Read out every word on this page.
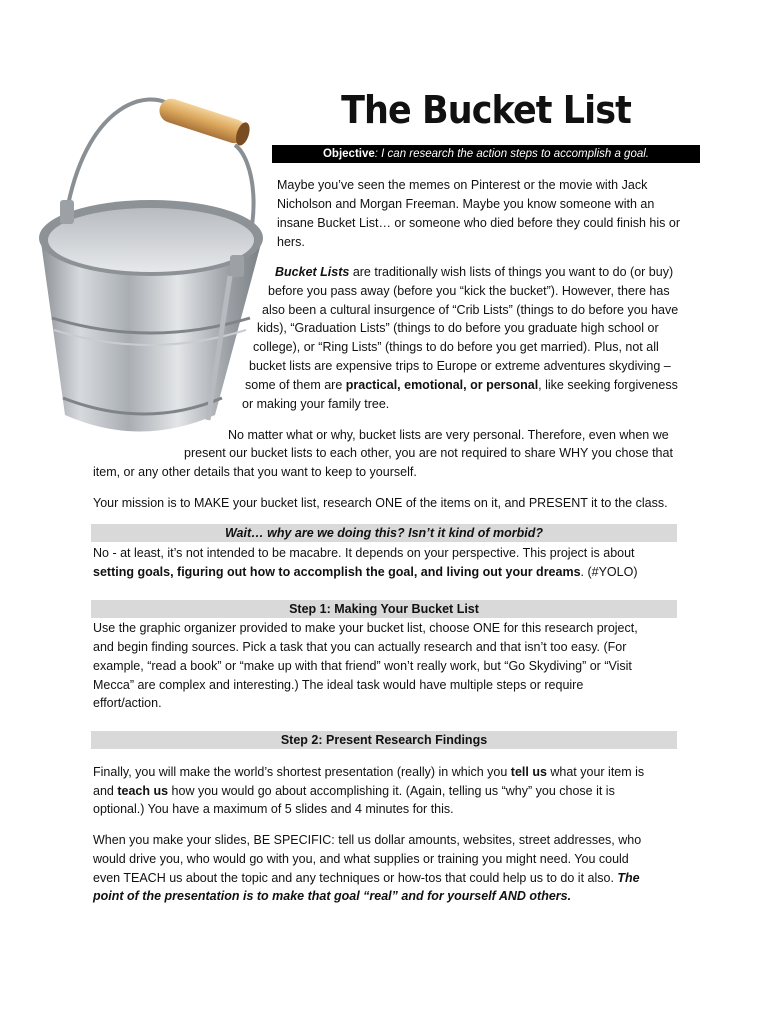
The Bucket List
Objective: I can research the action steps to accomplish a goal.
Maybe you’ve seen the memes on Pinterest or the movie with Jack
Nicholson and Morgan Freeman. Maybe you know someone with an
insane Bucket List… or someone who died before they could finish his or
hers.
Bucket Lists are traditionally wish lists of things you want to do (or buy)
before you pass away (before you “kick the bucket”). However, there has
also been a cultural insurgence of “Crib Lists” (things to do before you have
kids), “Graduation Lists” (things to do before you graduate high school or
college), or “Ring Lists” (things to do before you get married). Plus, not all
bucket lists are expensive trips to Europe or extreme adventures skydiving –
some of them are practical, emotional, or personal, like seeking forgiveness
or making your family tree.
No matter what or why, bucket lists are very personal. Therefore, even when we
present our bucket lists to each other, you are not required to share WHY you chose that
item, or any other details that you want to keep to yourself.
Your mission is to MAKE your bucket list, research ONE of the items on it, and PRESENT it to the class.
Wait… why are we doing this? Isn’t it kind of morbid?
No - at least, it’s not intended to be macabre. It depends on your perspective. This project is about
setting goals, figuring out how to accomplish the goal, and living out your dreams. (#YOLO)
Step 1: Making Your Bucket List
Use the graphic organizer provided to make your bucket list, choose ONE for this research project,
and begin finding sources. Pick a task that you can actually research and that isn’t too easy. (For
example, “read a book” or “make up with that friend” won’t really work, but “Go Skydiving” or “Visit
Mecca” are complex and interesting.) The ideal task would have multiple steps or require
effort/action.
Step 2: Present Research Findings
Finally, you will make the world’s shortest presentation (really) in which you tell us what your item is
and teach us how you would go about accomplishing it. (Again, telling us “why” you chose it is
optional.) You have a maximum of 5 slides and 4 minutes for this.
When you make your slides, BE SPECIFIC: tell us dollar amounts, websites, street addresses, who
would drive you, who would go with you, and what supplies or training you might need. You could
even TEACH us about the topic and any techniques or how-tos that could help us to do it also. The
point of the presentation is to make that goal “real” and for yourself AND others.
